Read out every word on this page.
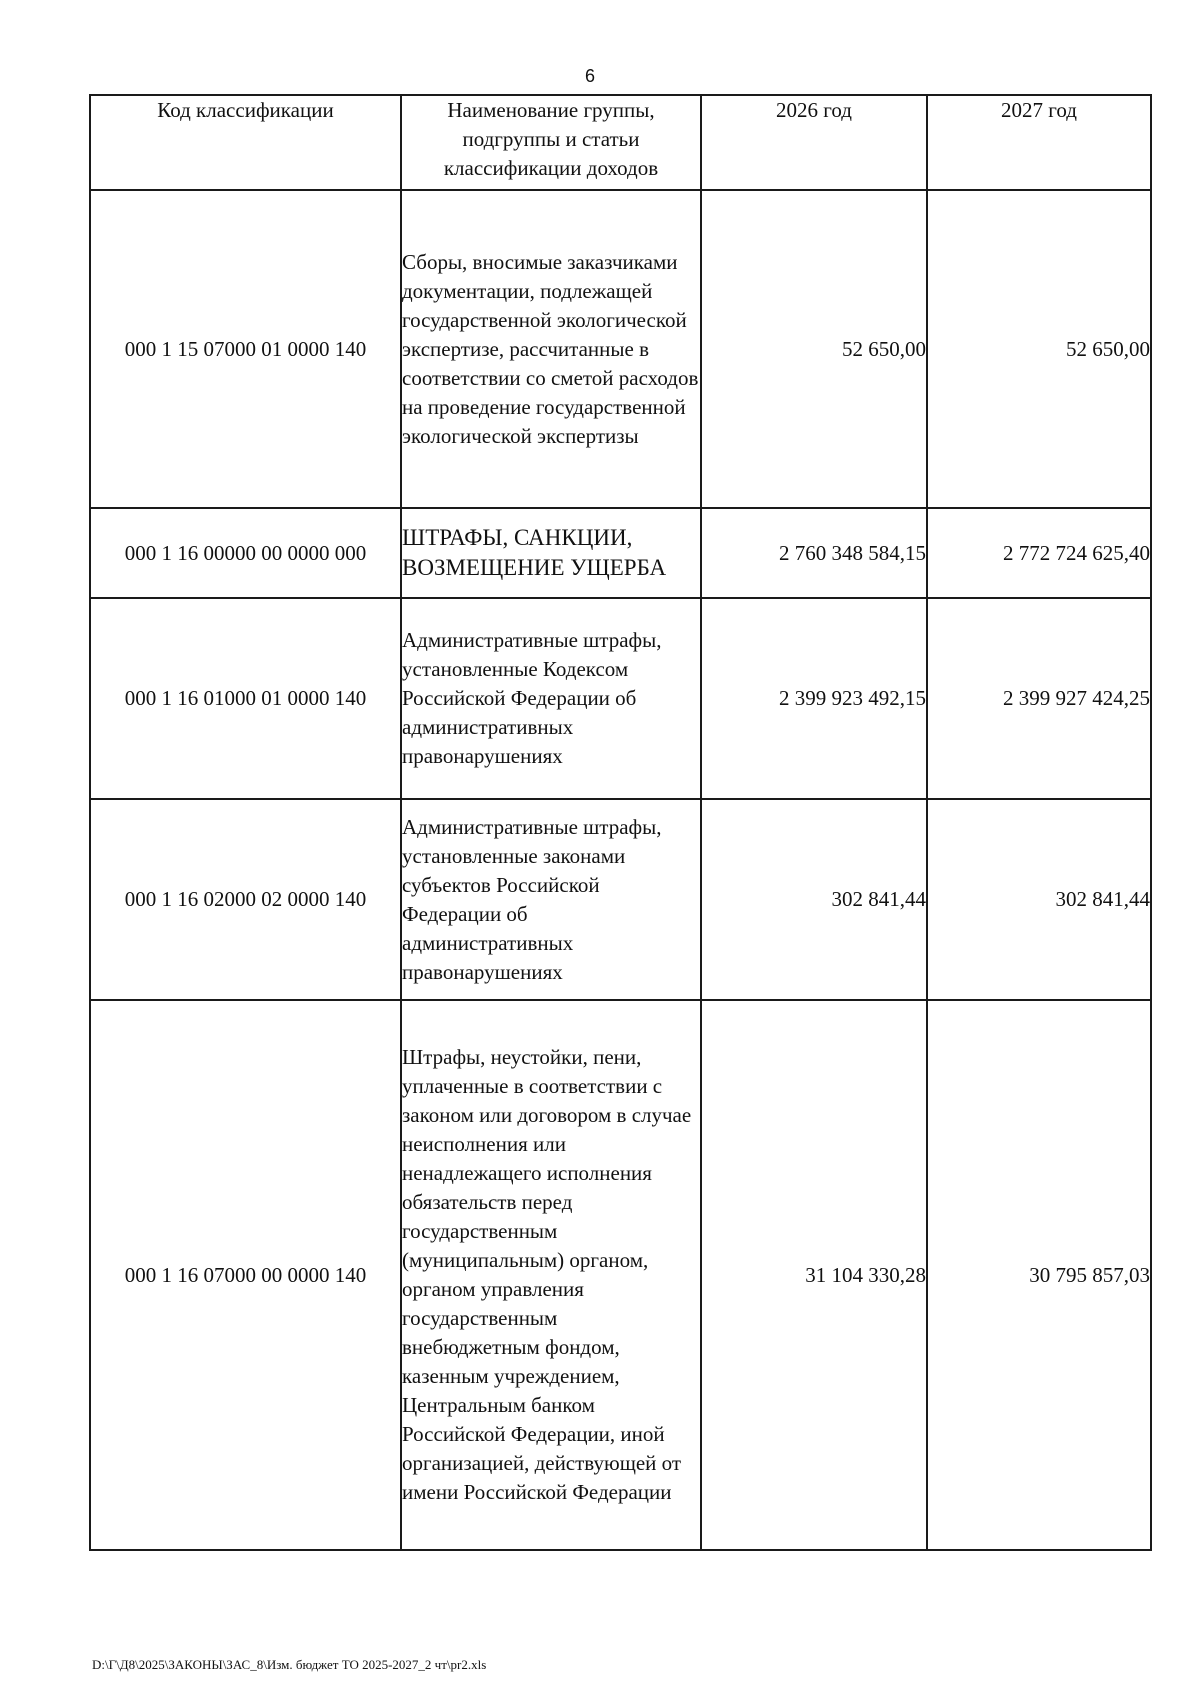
6
Код классификации	Наименование группы, подгруппы и статьи классификации доходов	2026 год	2027 год
000 1 15 07000 01 0000 140	Сборы, вносимые заказчиками документации, подлежащей государственной экологической экспертизе, рассчитанные в соответствии со сметой расходов на проведение государственной экологической экспертизы	52 650,00	52 650,00
000 1 16 00000 00 0000 000	ШТРАФЫ, САНКЦИИ, ВОЗМЕЩЕНИЕ УЩЕРБА	2 760 348 584,15	2 772 724 625,40
000 1 16 01000 01 0000 140	Административные штрафы, установленные Кодексом Российской Федерации об административных правонарушениях	2 399 923 492,15	2 399 927 424,25
000 1 16 02000 02 0000 140	Административные штрафы, установленные законами субъектов Российской Федерации об административных правонарушениях	302 841,44	302 841,44
000 1 16 07000 00 0000 140	Штрафы, неустойки, пени, уплаченные в соответствии с законом или договором в случае неисполнения или ненадлежащего исполнения обязательств перед государственным (муниципальным) органом, органом управления государственным внебюджетным фондом, казенным учреждением, Центральным банком Российской Федерации, иной организацией, действующей от имени Российской Федерации	31 104 330,28	30 795 857,03
D:\Г\Д8\2025\ЗАКОНЫ\ЗАС_8\Изм. бюджет ТО 2025-2027_2 чт\pr2.xls
